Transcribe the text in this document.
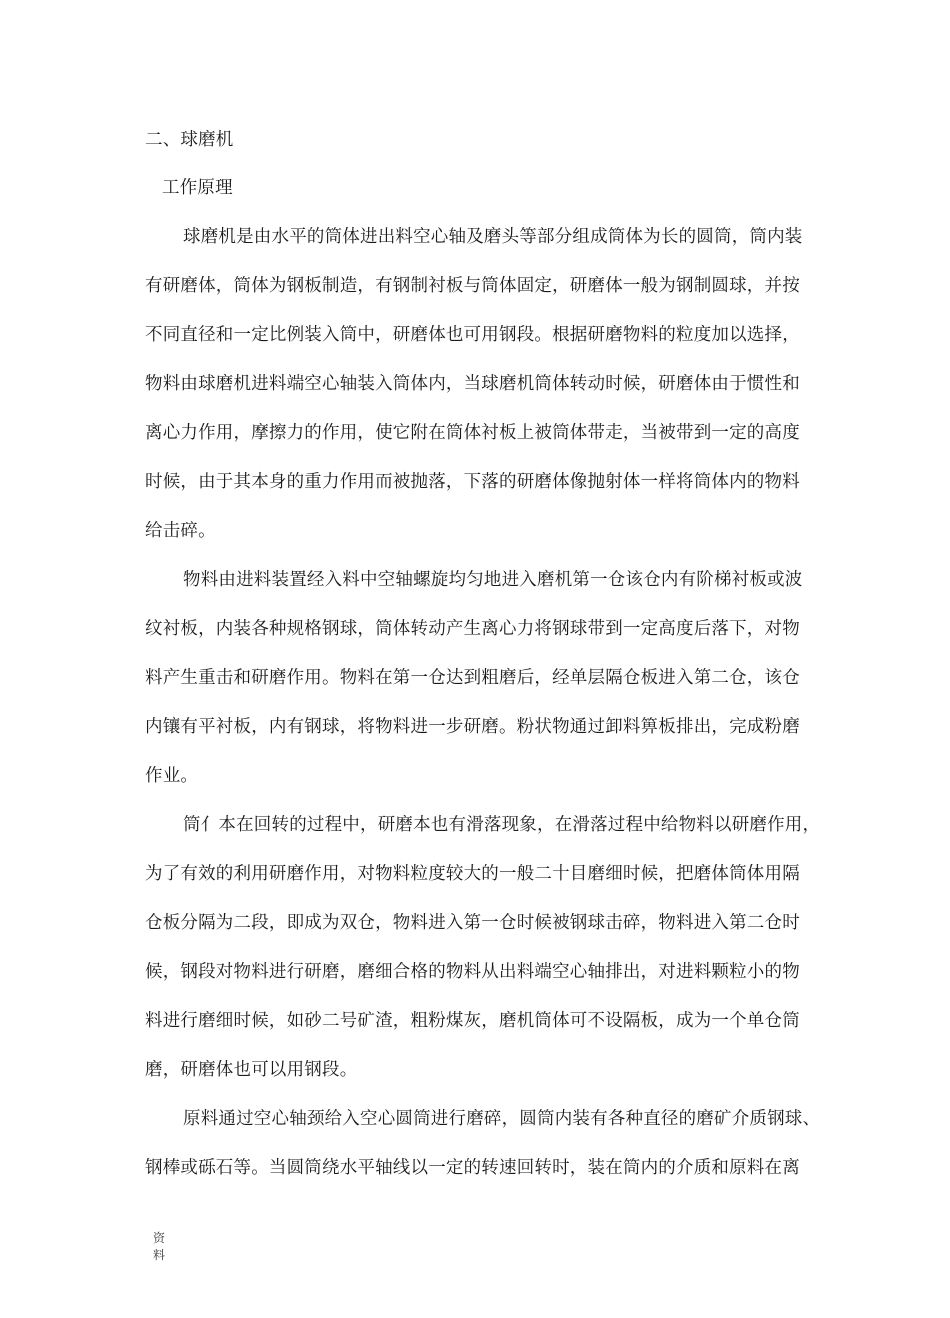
二、球磨机
工作原理
球磨机是由水平的筒体进出料空心轴及磨头等部分组成筒体为长的圆筒，筒内装
有研磨体，筒体为钢板制造，有钢制衬板与筒体固定，研磨体一般为钢制圆球，并按
不同直径和一定比例装入筒中，研磨体也可用钢段。根据研磨物料的粒度加以选择，
物料由球磨机进料端空心轴装入筒体内，当球磨机筒体转动时候，研磨体由于惯性和
离心力作用，摩擦力的作用，使它附在筒体衬板上被筒体带走，当被带到一定的高度
时候，由于其本身的重力作用而被抛落，下落的研磨体像抛射体一样将筒体内的物料
给击碎。
物料由进料装置经入料中空轴螺旋均匀地进入磨机第一仓该仓内有阶梯衬板或波
纹衬板，内装各种规格钢球，筒体转动产生离心力将钢球带到一定高度后落下，对物
料产生重击和研磨作用。物料在第一仓达到粗磨后，经单层隔仓板进入第二仓，该仓
内镶有平衬板，内有钢球，将物料进一步研磨。粉状物通过卸料箅板排出，完成粉磨
作业。
筒亻本在回转的过程中，研磨本也有滑落现象，在滑落过程中给物料以研磨作用，
为了有效的利用研磨作用，对物料粒度较大的一般二十目磨细时候，把磨体筒体用隔
仓板分隔为二段，即成为双仓，物料进入第一仓时候被钢球击碎，物料进入第二仓时
候，钢段对物料进行研磨，磨细合格的物料从出料端空心轴排出，对进料颗粒小的物
料进行磨细时候，如砂二号矿渣，粗粉煤灰，磨机筒体可不设隔板，成为一个单仓筒
磨，研磨体也可以用钢段。
原料通过空心轴颈给入空心圆筒进行磨碎，圆筒内装有各种直径的磨矿介质钢球、
钢棒或砾石等。当圆筒绕水平轴线以一定的转速回转时，装在筒内的介质和原料在离
资
料
